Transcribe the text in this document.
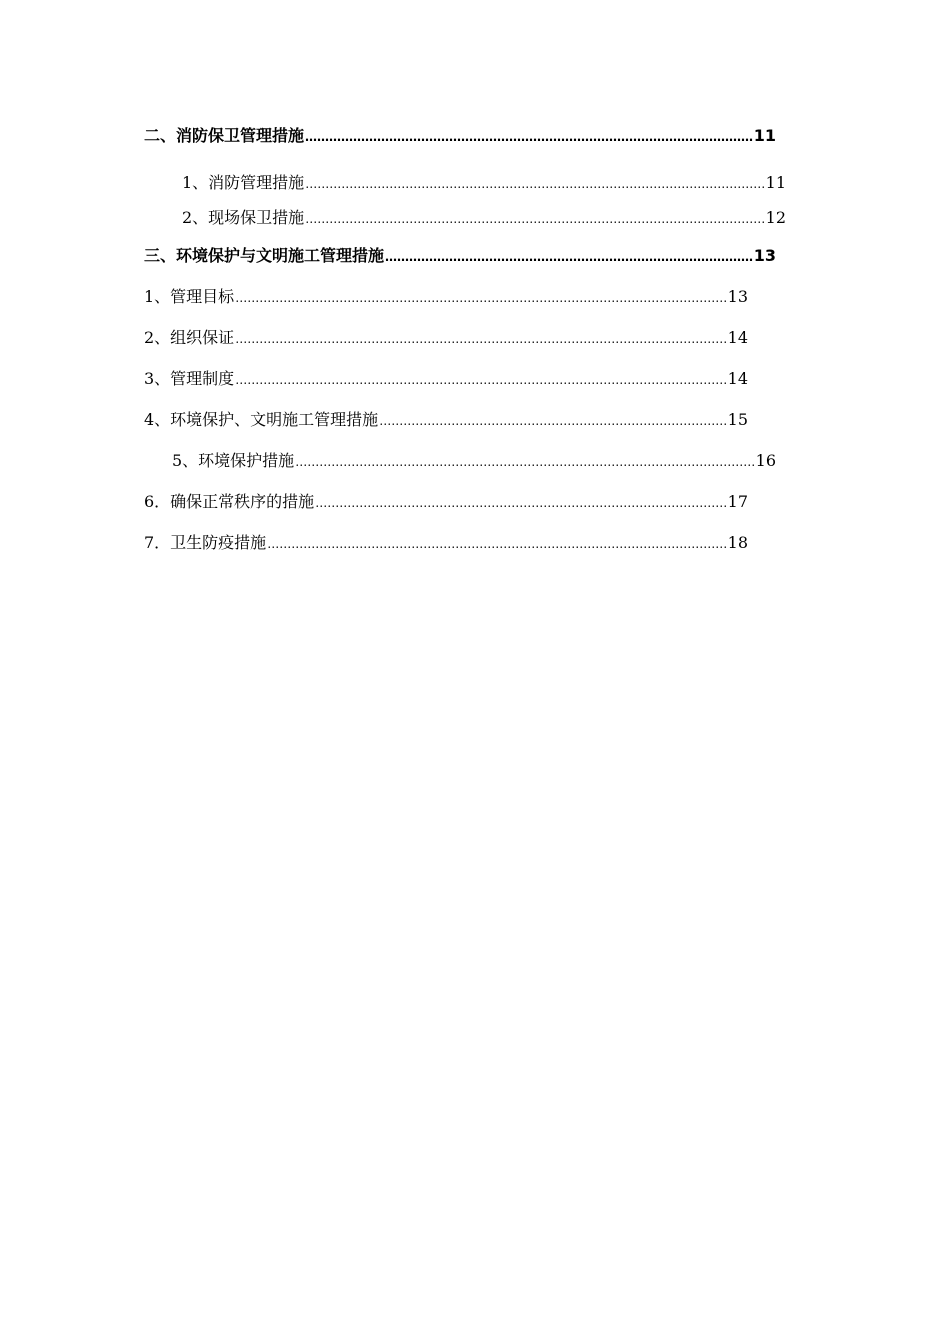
二、消防保卫管理措施 ……………………………………………………………………………………………………………………………………………………………………………………………………………………	11
1、消防管理措施 ……………………………………………………………………………………………………………………………………………………………………………………………………………………	11
2、现场保卫措施 ……………………………………………………………………………………………………………………………………………………………………………………………………………………	12
三、环境保护与文明施工管理措施 ……………………………………………………………………………………………………………………………………………………………………………………………………………………	13
1、管理目标 ……………………………………………………………………………………………………………………………………………………………………………………………………………………	13
2、组织保证 ……………………………………………………………………………………………………………………………………………………………………………………………………………………	14
3、管理制度 ……………………………………………………………………………………………………………………………………………………………………………………………………………………	14
4、环境保护、文明施工管理措施 ……………………………………………………………………………………………………………………………………………………………………………………………………………………	15
5、环境保护措施 ……………………………………………………………………………………………………………………………………………………………………………………………………………………	16
6．确保正常秩序的措施 ……………………………………………………………………………………………………………………………………………………………………………………………………………………	17
7．卫生防疫措施 ……………………………………………………………………………………………………………………………………………………………………………………………………………………	18
